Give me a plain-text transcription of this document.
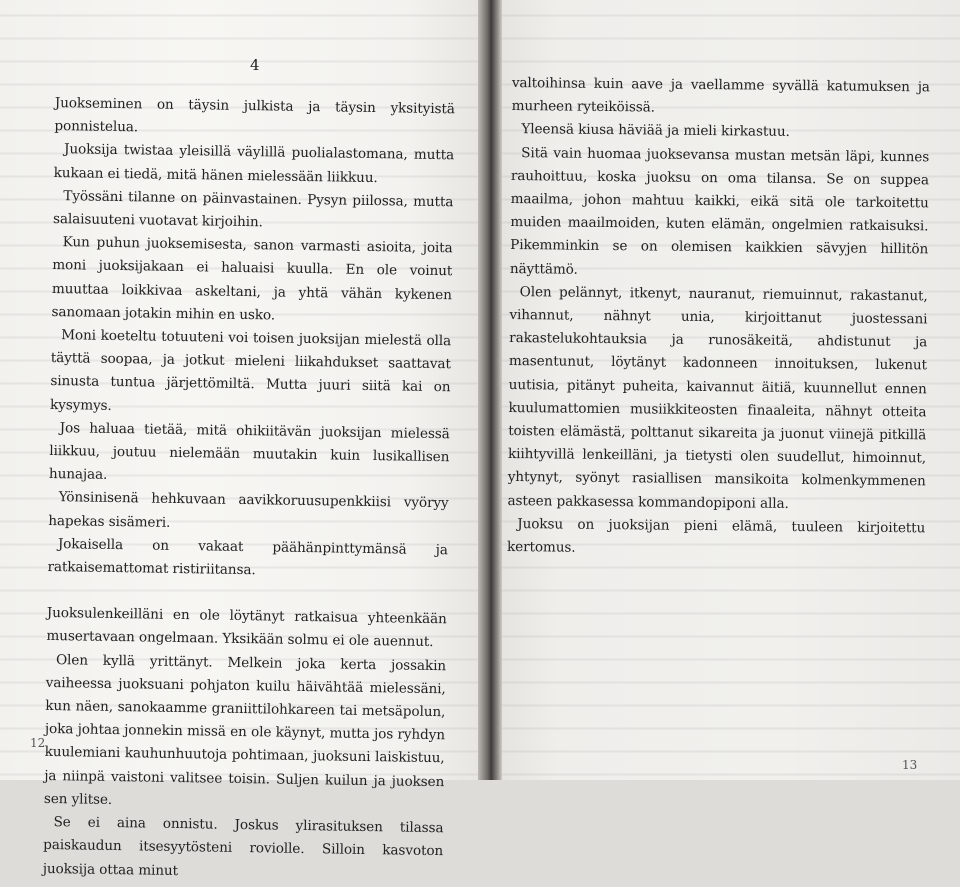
4

Juokseminen on täysin julkista ja täysin yksityistä ponnistelua.

Juoksija twistaa yleisillä väylillä puolialastomana, mutta kukaan ei tiedä, mitä hänen mielessään liikkuu.

Työssäni tilanne on päinvastainen. Pysyn piilossa, mutta salaisuuteni vuotavat kirjoihin.

Kun puhun juoksemisesta, sanon varmasti asioita, joita moni juoksijakaan ei haluaisi kuulla. En ole voinut muuttaa loikkivaa askeltani, ja yhtä vähän kykenen sanomaan jotakin mihin en usko.

Moni koeteltu totuuteni voi toisen juoksijan mielestä olla täyttä soopaa, ja jotkut mieleni liikahdukset saattavat sinusta tuntua järjettömiltä. Mutta juuri siitä kai on kysymys.

Jos haluaa tietää, mitä ohikiitävän juoksijan mielessä liikkuu, joutuu nielemään muutakin kuin lusikallisen hunajaa.

Yönsinisenä hehkuvaan aavikkoruusupenkkiisi vyöryy hapekas sisämeri.

Jokaisella on vakaat päähänpinttymänsä ja ratkaisemattomat ristiriitansa.

Juoksulenkeilläni en ole löytänyt ratkaisua yhteenkään musertavaan ongelmaan. Yksikään solmu ei ole auennut.

Olen kyllä yrittänyt. Melkein joka kerta jossakin vaiheessa juoksuani pohjaton kuilu häivähtää mielessäni, kun näen, sanokaamme graniittilohkareen tai metsäpolun, joka johtaa jonnekin missä en ole käynyt, mutta jos ryhdyn kuulemiani kauhunhuutoja pohtimaan, juoksuni laiskistuu, ja niinpä vaistoni valitsee toisin. Suljen kuilun ja juoksen sen ylitse.

Se ei aina onnistu. Joskus ylirasituksen tilassa paiskaudun itsesyytösteni roviolle. Silloin kasvoton juoksija ottaa minut

12

valtoihinsa kuin aave ja vaellamme syvällä katumuksen ja murheen ryteiköissä.

Yleensä kiusa häviää ja mieli kirkastuu.

Sitä vain huomaa juoksevansa mustan metsän läpi, kunnes rauhoittuu, koska juoksu on oma tilansa. Se on suppea maailma, johon mahtuu kaikki, eikä sitä ole tarkoitettu muiden maailmoiden, kuten elämän, ongelmien ratkaisuksi. Pikemminkin se on olemisen kaikkien sävyjen hillitön näyttämö.

Olen pelännyt, itkenyt, nauranut, riemuinnut, rakastanut, vihannut, nähnyt unia, kirjoittanut juostessani rakastelukohtauksia ja runosäkeitä, ahdistunut ja masentunut, löytänyt kadonneen innoituksen, lukenut uutisia, pitänyt puheita, kaivannut äitiä, kuunnellut ennen kuulumattomien musiikkiteosten finaaleita, nähnyt otteita toisten elämästä, polttanut sikareita ja juonut viinejä pitkillä kiihtyvillä lenkeilläni, ja tietysti olen suudellut, himoinnut, yhtynyt, syönyt rasiallisen mansikoita kolmenkymmenen asteen pakkasessa kommandopiponi alla.

Juoksu on juoksijan pieni elämä, tuuleen kirjoitettu kertomus.

13
